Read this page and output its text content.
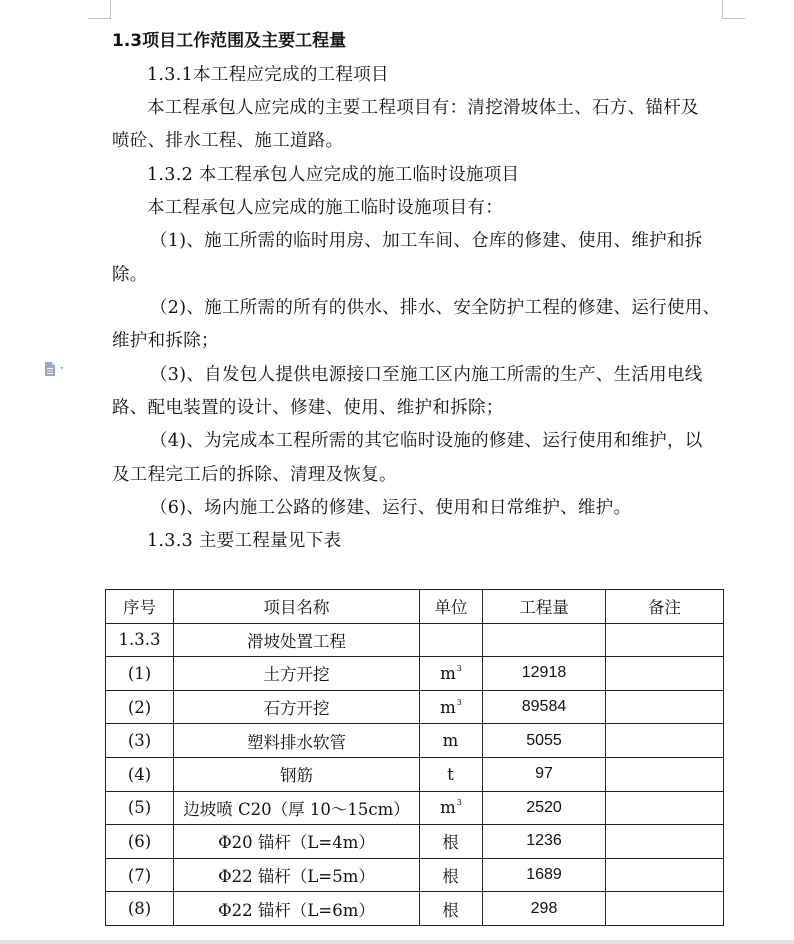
1.3项目工作范围及主要工程量
1.3.1本工程应完成的工程项目
本工程承包人应完成的主要工程项目有：清挖滑坡体土、石方、锚杆及
喷砼、排水工程、施工道路。
1.3.2 本工程承包人应完成的施工临时设施项目
本工程承包人应完成的施工临时设施项目有：
（1)、施工所需的临时用房、加工车间、仓库的修建、使用、维护和拆
除。
（2)、施工所需的所有的供水、排水、安全防护工程的修建、运行使用、
维护和拆除；
（3)、自发包人提供电源接口至施工区内施工所需的生产、生活用电线
路、配电装置的设计、修建、使用、维护和拆除；
（4)、为完成本工程所需的其它临时设施的修建、运行使用和维护，以
及工程完工后的拆除、清理及恢复。
（6)、场内施工公路的修建、运行、使用和日常维护、维护。
1.3.3 主要工程量见下表
序号	项目名称	单位	工程量	备注
1.3.3	滑坡处置工程			
(1)	土方开挖	$m^3$	12918	
(2)	石方开挖	$m^3$	89584	
(3)	塑料排水软管	m	5055	
(4)	钢筋	t	97	
(5)	边坡喷 C20（厚 10～15cm）	$m^3$	2520	
(6)	Φ20 锚杆（L=4m）	根	1236	
(7)	Φ22 锚杆（L=5m）	根	1689	
(8)	Φ22 锚杆（L=6m）	根	298	
